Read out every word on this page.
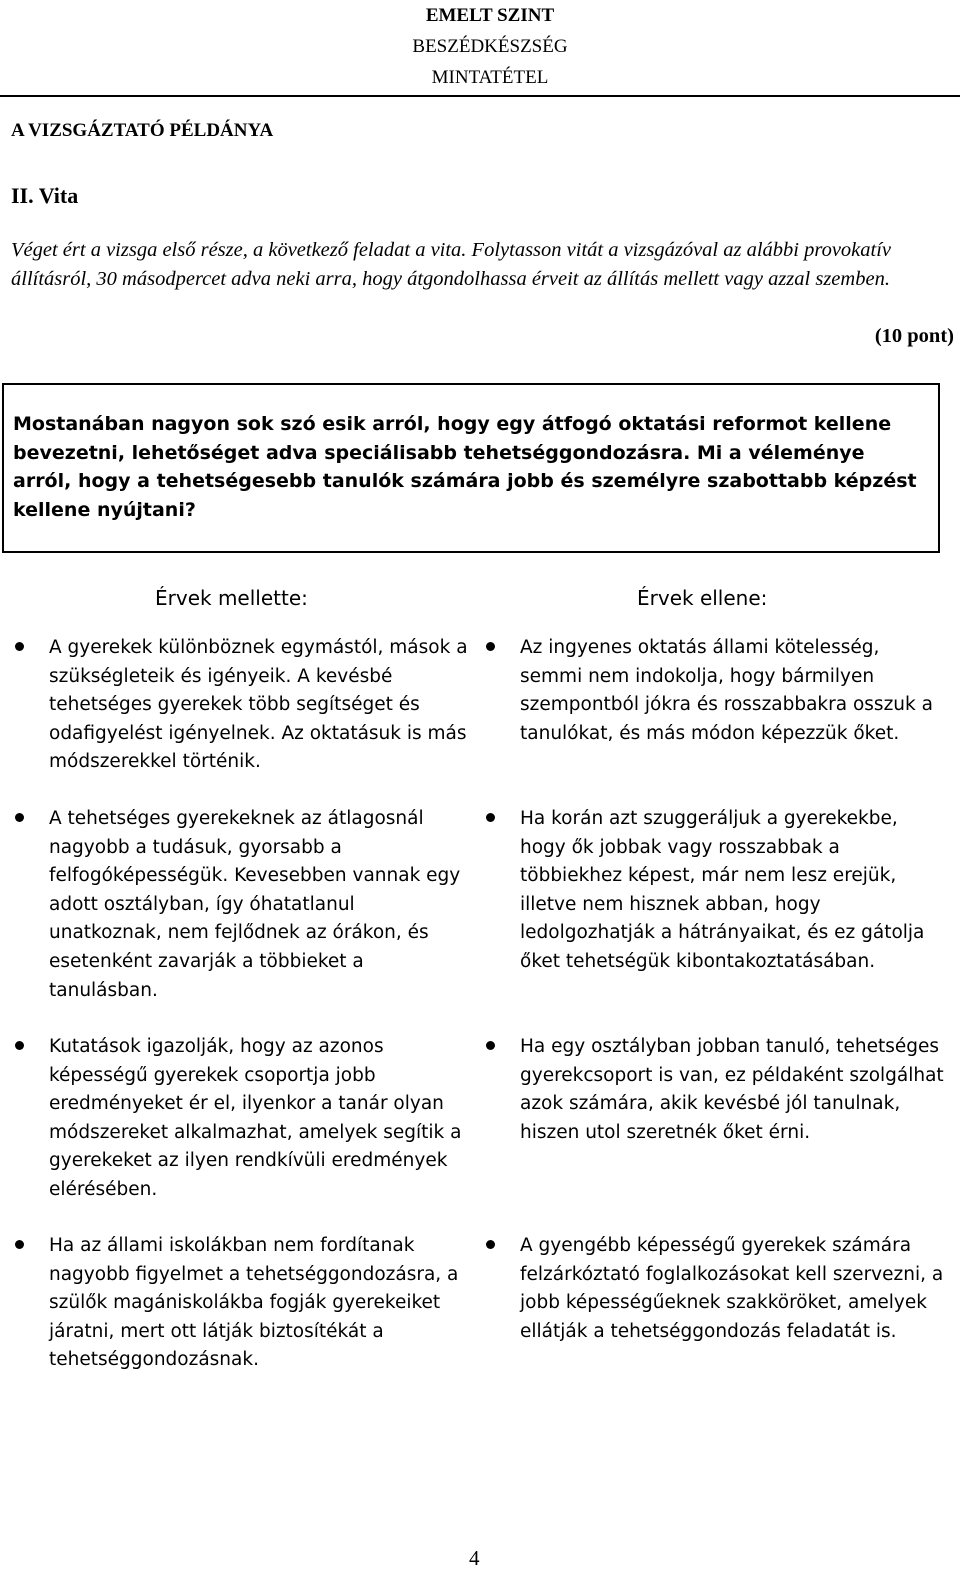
EMELT SZINT
BESZÉDKÉSZSÉG
MINTATÉTEL
A VIZSGÁZTATÓ PÉLDÁNYA
II. Vita
Véget ért a vizsga első része, a következő feladat a vita. Folytasson vitát a vizsgázóval az alábbi provokatív állításról, 30 másodpercet adva neki arra, hogy átgondolhassa érveit az állítás mellett vagy azzal szemben.
(10 pont)
Mostanában nagyon sok szó esik arról, hogy egy átfogó oktatási reformot kellene bevezetni, lehetőséget adva speciálisabb tehetséggondozásra. Mi a véleménye arról, hogy a tehetségesebb tanulók számára jobb és személyre szabottabb képzést kellene nyújtani?
Érvek mellette:	Érvek ellene:
A gyerekek különböznek egymástól, mások a szükségleteik és igényeik. A kevésbé tehetséges gyerekek több segítséget és odafigyelést igényelnek. Az oktatásuk is más módszerekkel történik.
A tehetséges gyerekeknek az átlagosnál nagyobb a tudásuk, gyorsabb a felfogóképességük. Kevesebben vannak egy adott osztályban, így óhatatlanul unatkoznak, nem fejlődnek az órákon, és esetenként zavarják a többieket a tanulásban.
Kutatások igazolják, hogy az azonos képességű gyerekek csoportja jobb eredményeket ér el, ilyenkor a tanár olyan módszereket alkalmazhat, amelyek segítik a gyerekeket az ilyen rendkívüli eredmények elérésében.
Ha az állami iskolákban nem fordítanak nagyobb figyelmet a tehetséggondozásra, a szülők magániskolákba fogják gyerekeiket járatni, mert ott látják biztosítékát a tehetséggondozásnak.
Az ingyenes oktatás állami kötelesség, semmi nem indokolja, hogy bármilyen szempontból jókra és rosszabbakra osszuk a tanulókat, és más módon képezzük őket.
Ha korán azt szuggeráljuk a gyerekekbe, hogy ők jobbak vagy rosszabbak a többiekhez képest, már nem lesz erejük, illetve nem hisznek abban, hogy ledolgozhatják a hátrányaikat, és ez gátolja őket tehetségük kibontakoztatásában.
Ha egy osztályban jobban tanuló, tehetséges gyerekcsoport is van, ez példaként szolgálhat azok számára, akik kevésbé jól tanulnak, hiszen utol szeretnék őket érni.
A gyengébb képességű gyerekek számára felzárkóztató foglalkozásokat kell szervezni, a jobb képességűeknek szakköröket, amelyek ellátják a tehetséggondozás feladatát is.
4
